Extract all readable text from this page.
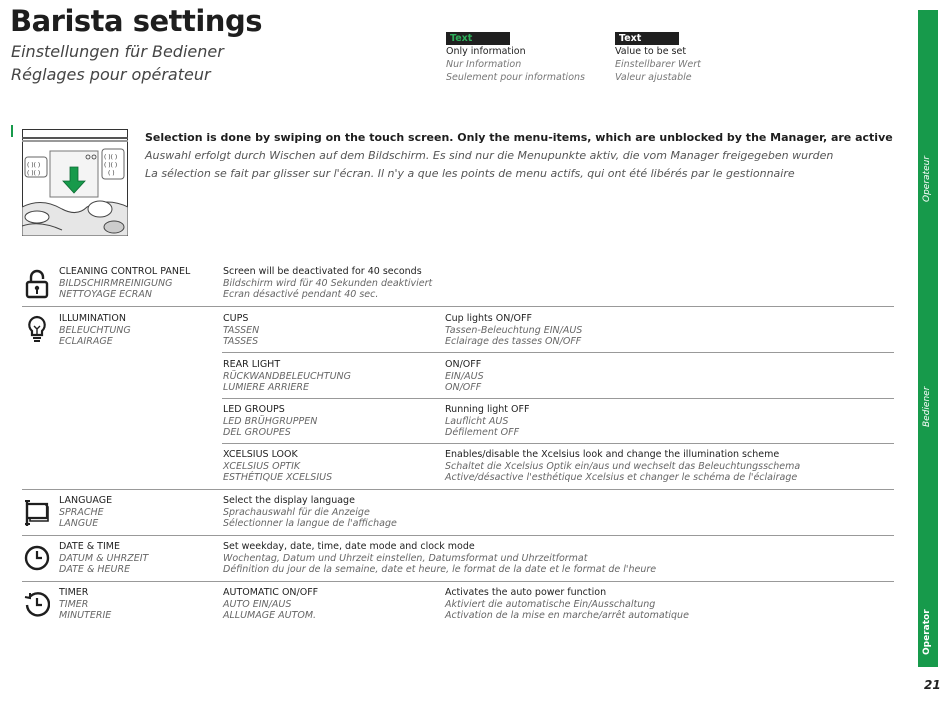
Barista settings
Einstellungen für Bediener
Réglages pour opérateur
Text
Only information
Nur Information
Seulement pour informations
Text
Value to be set
Einstellbarer Wert
Valeur ajustable
Operateur
Bediener
Operator
21
( )( )
( )( )
( )( )
( )( )
( )
Selection is done by swiping on the touch screen. Only the menu-items, which are unblocked by the Manager, are active
Auswahl erfolgt durch Wischen auf dem Bildschirm. Es sind nur die Menupunkte aktiv, die vom Manager freigegeben wurden
La sélection se fait par glisser sur l'écran. Il n'y a que les points de menu actifs, qui ont été libérés par le gestionnaire
CLEANING CONTROL PANEL
BILDSCHIRMREINIGUNG
NETTOYAGE ECRAN
Screen will be deactivated for 40 seconds
Bildschirm wird für 40 Sekunden deaktiviert
Ecran désactivé pendant 40 sec.
ILLUMINATION
BELEUCHTUNG
ECLAIRAGE
CUPS
TASSEN
TASSES
Cup lights ON/OFF
Tassen-Beleuchtung EIN/AUS
Eclairage des tasses ON/OFF
REAR LIGHT
RÜCKWANDBELEUCHTUNG
LUMIERE ARRIERE
ON/OFF
EIN/AUS
ON/OFF
LED GROUPS
LED BRÜHGRUPPEN
DEL GROUPES
Running light OFF
Lauflicht AUS
Défilement OFF
XCELSIUS LOOK
XCELSIUS OPTIK
ESTHÉTIQUE XCELSIUS
Enables/disable the Xcelsius look and change the illumination scheme
Schaltet die Xcelsius Optik ein/aus und wechselt das Beleuchtungsschema
Active/désactive l'esthétique Xcelsius et changer le schéma de l'éclairage
LANGUAGE
SPRACHE
LANGUE
Select the display language
Sprachauswahl für die Anzeige
Sélectionner la langue de l'affichage
DATE & TIME
DATUM & UHRZEIT
DATE & HEURE
Set weekday, date, time, date mode and clock mode
Wochentag, Datum und Uhrzeit einstellen, Datumsformat und Uhrzeitformat
Définition du jour de la semaine, date et heure, le format de la date et le format de l'heure
TIMER
TIMER
MINUTERIE
AUTOMATIC ON/OFF
AUTO EIN/AUS
ALLUMAGE AUTOM.
Activates the auto power function
Aktiviert die automatische Ein/Ausschaltung
Activation de la mise en marche/arrêt automatique
